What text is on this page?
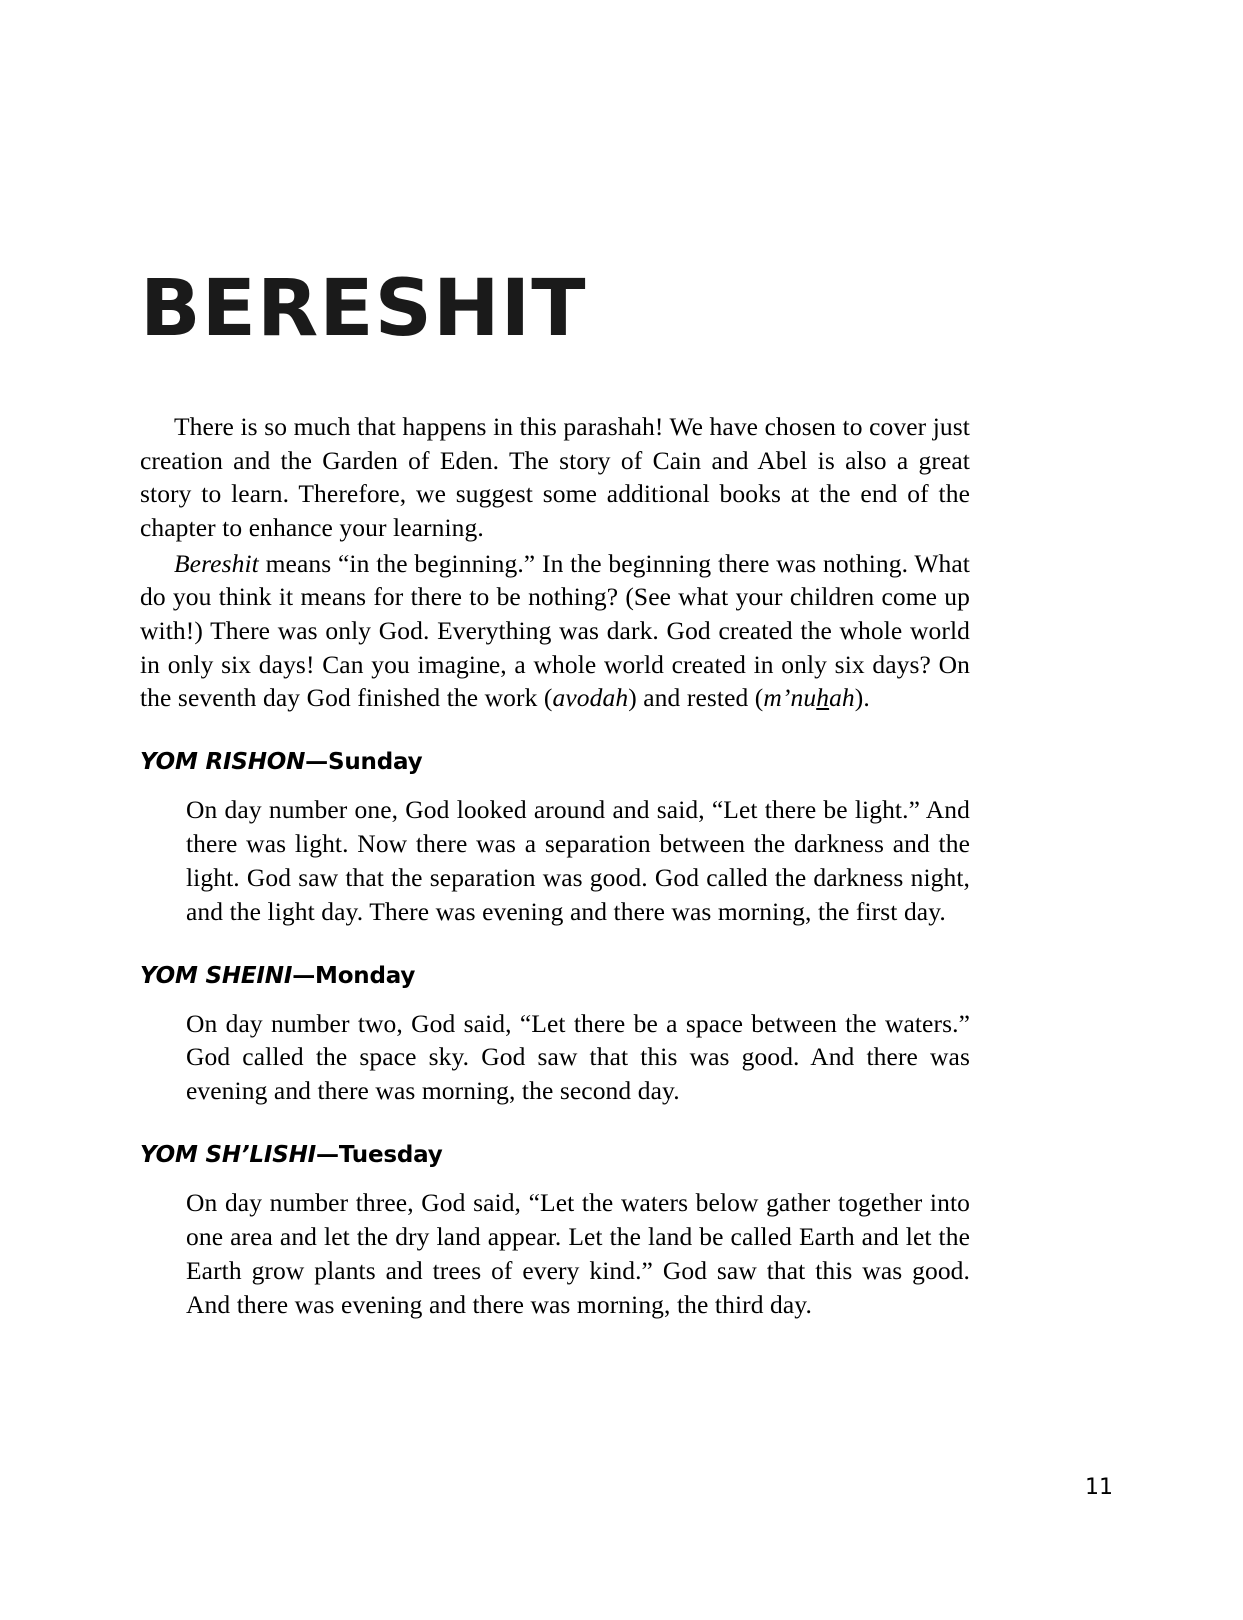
BERESHIT

There is so much that happens in this parashah! We have chosen to cover just creation and the Garden of Eden. The story of Cain and Abel is also a great story to learn. Therefore, we suggest some additional books at the end of the chapter to enhance your learning.

Bereshit means “in the beginning.” In the beginning there was nothing. What do you think it means for there to be nothing? (See what your children come up with!) There was only God. Everything was dark. God created the whole world in only six days! Can you imagine, a whole world created in only six days? On the seventh day God finished the work (avodah) and rested (m’nuhah).

YOM RISHON—Sunday

On day number one, God looked around and said, “Let there be light.” And there was light. Now there was a separation between the darkness and the light. God saw that the separation was good. God called the darkness night, and the light day. There was evening and there was morning, the first day.

YOM SHEINI—Monday

On day number two, God said, “Let there be a space between the waters.” God called the space sky. God saw that this was good. And there was evening and there was morning, the second day.

YOM SH’LISHI—Tuesday

On day number three, God said, “Let the waters below gather together into one area and let the dry land appear. Let the land be called Earth and let the Earth grow plants and trees of every kind.” God saw that this was good. And there was evening and there was morning, the third day.

11
